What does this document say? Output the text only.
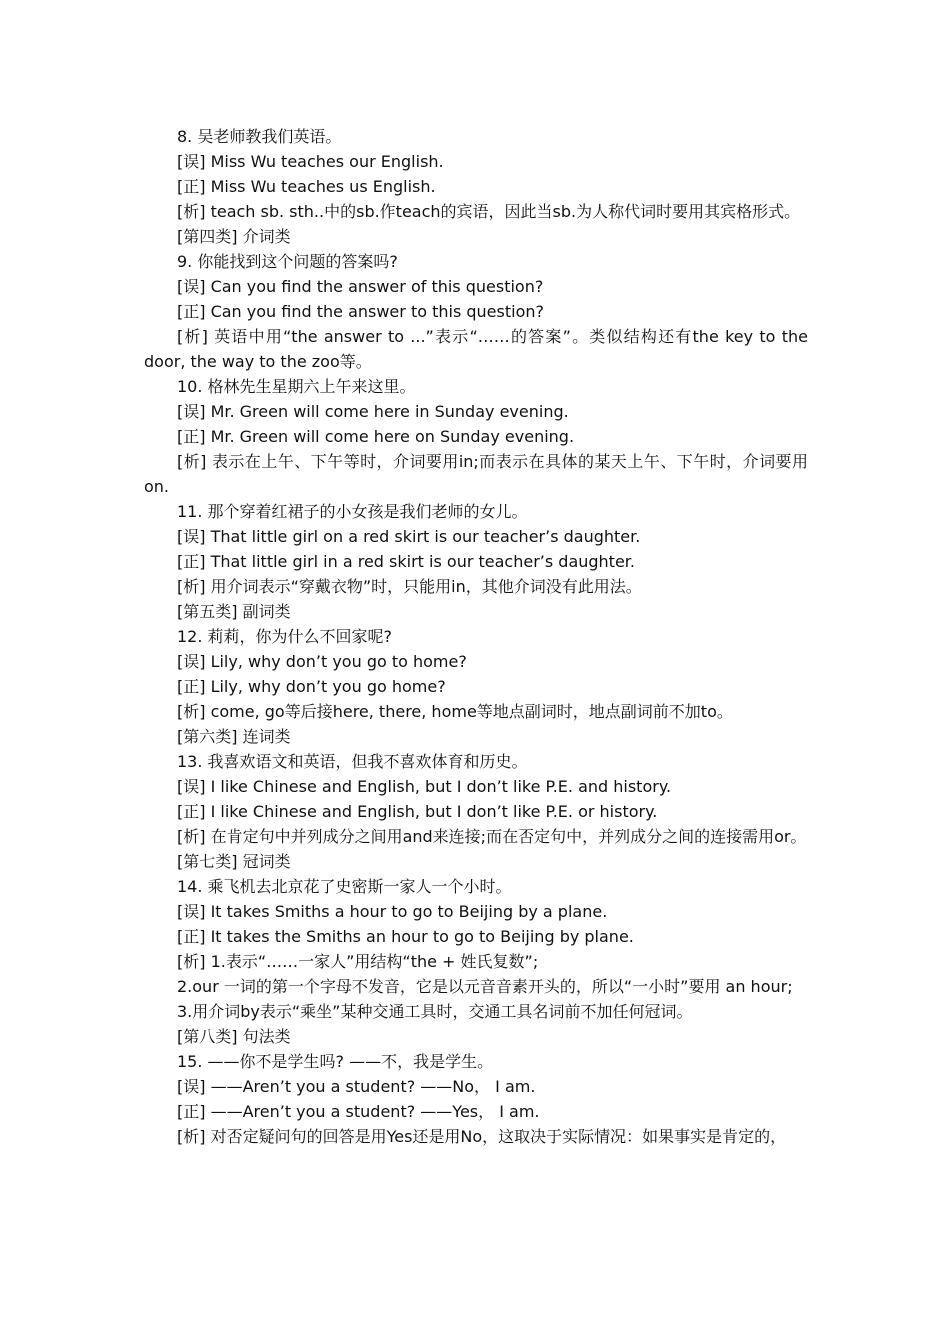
8. 吴老师教我们英语。

[误] Miss Wu teaches our English.

[正] Miss Wu teaches us English.

[析] teach sb. sth..中的sb.作teach的宾语，因此当sb.为人称代词时要用其宾格形式。

[第四类] 介词类

9. 你能找到这个问题的答案吗?

[误] Can you find the answer of this question?

[正] Can you find the answer to this question?

[析] 英语中用“the answer to ...”表示“……的答案”。类似结构还有the key to the door, the way to the zoo等。

10. 格林先生星期六上午来这里。

[误] Mr. Green will come here in Sunday evening.

[正] Mr. Green will come here on Sunday evening.

[析] 表示在上午、下午等时，介词要用in;而表示在具体的某天上午、下午时，介词要用on.

11. 那个穿着红裙子的小女孩是我们老师的女儿。

[误] That little girl on a red skirt is our teacher’s daughter.

[正] That little girl in a red skirt is our teacher’s daughter.

[析] 用介词表示“穿戴衣物”时，只能用in，其他介词没有此用法。

[第五类] 副词类

12. 莉莉，你为什么不回家呢?

[误] Lily, why don’t you go to home?

[正] Lily, why don’t you go home?

[析] come, go等后接here, there, home等地点副词时，地点副词前不加to。

[第六类] 连词类

13. 我喜欢语文和英语，但我不喜欢体育和历史。

[误] I like Chinese and English, but I don’t like P.E. and history.

[正] I like Chinese and English, but I don’t like P.E. or history.

[析] 在肯定句中并列成分之间用and来连接;而在否定句中，并列成分之间的连接需用or。

[第七类] 冠词类

14. 乘飞机去北京花了史密斯一家人一个小时。

[误] It takes Smiths a hour to go to Beijing by a plane.

[正] It takes the Smiths an hour to go to Beijing by plane.

[析] 1.表示“……一家人”用结构“the + 姓氏复数”;

2.our 一词的第一个字母不发音，它是以元音音素开头的，所以“一小时”要用 an hour;

3.用介词by表示“乘坐”某种交通工具时，交通工具名词前不加任何冠词。

[第八类] 句法类

15. ——你不是学生吗? ——不，我是学生。

[误] ——Aren’t you a student? ——No， I am.

[正] ——Aren’t you a student? ——Yes， I am.

[析] 对否定疑问句的回答是用Yes还是用No，这取决于实际情况：如果事实是肯定的，
